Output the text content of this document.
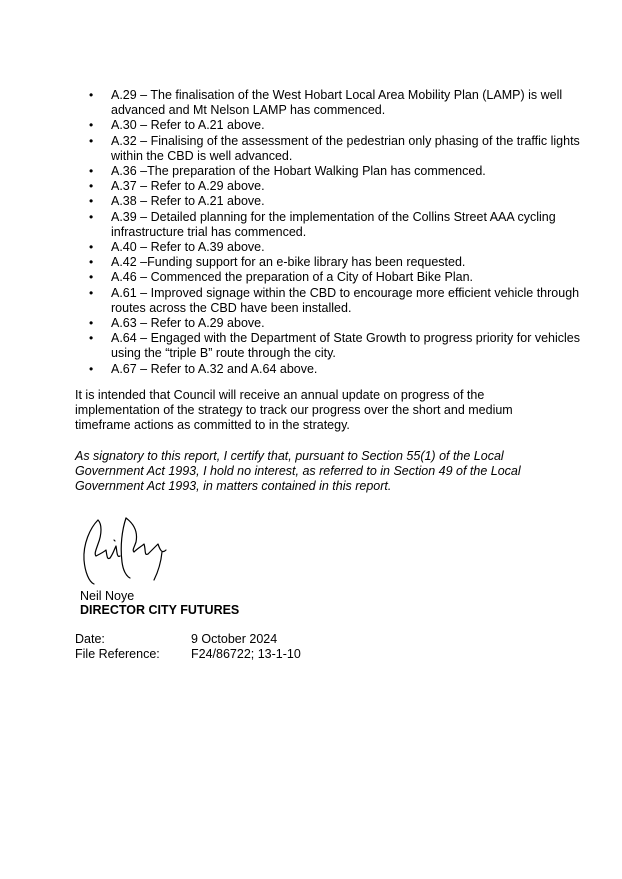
• A.29 – The finalisation of the West Hobart Local Area Mobility Plan (LAMP) is well advanced and Mt Nelson LAMP has commenced.
• A.30 – Refer to A.21 above.
• A.32 – Finalising of the assessment of the pedestrian only phasing of the traffic lights within the CBD is well advanced.
• A.36 –The preparation of the Hobart Walking Plan has commenced.
• A.37 – Refer to A.29 above.
• A.38 – Refer to A.21 above.
• A.39 – Detailed planning for the implementation of the Collins Street AAA cycling infrastructure trial has commenced.
• A.40 – Refer to A.39 above.
• A.42 –Funding support for an e-bike library has been requested.
• A.46 – Commenced the preparation of a City of Hobart Bike Plan.
• A.61 – Improved signage within the CBD to encourage more efficient vehicle through routes across the CBD have been installed.
• A.63 – Refer to A.29 above.
• A.64 – Engaged with the Department of State Growth to progress priority for vehicles using the “triple B” route through the city.
• A.67 – Refer to A.32 and A.64 above.

It is intended that Council will receive an annual update on progress of the implementation of the strategy to track our progress over the short and medium timeframe actions as committed to in the strategy.

As signatory to this report, I certify that, pursuant to Section 55(1) of the Local Government Act 1993, I hold no interest, as referred to in Section 49 of the Local Government Act 1993, in matters contained in this report.

Neil Noye
DIRECTOR CITY FUTURES
Date:	9 October 2024
File Reference: F24/86722; 13-1-10
